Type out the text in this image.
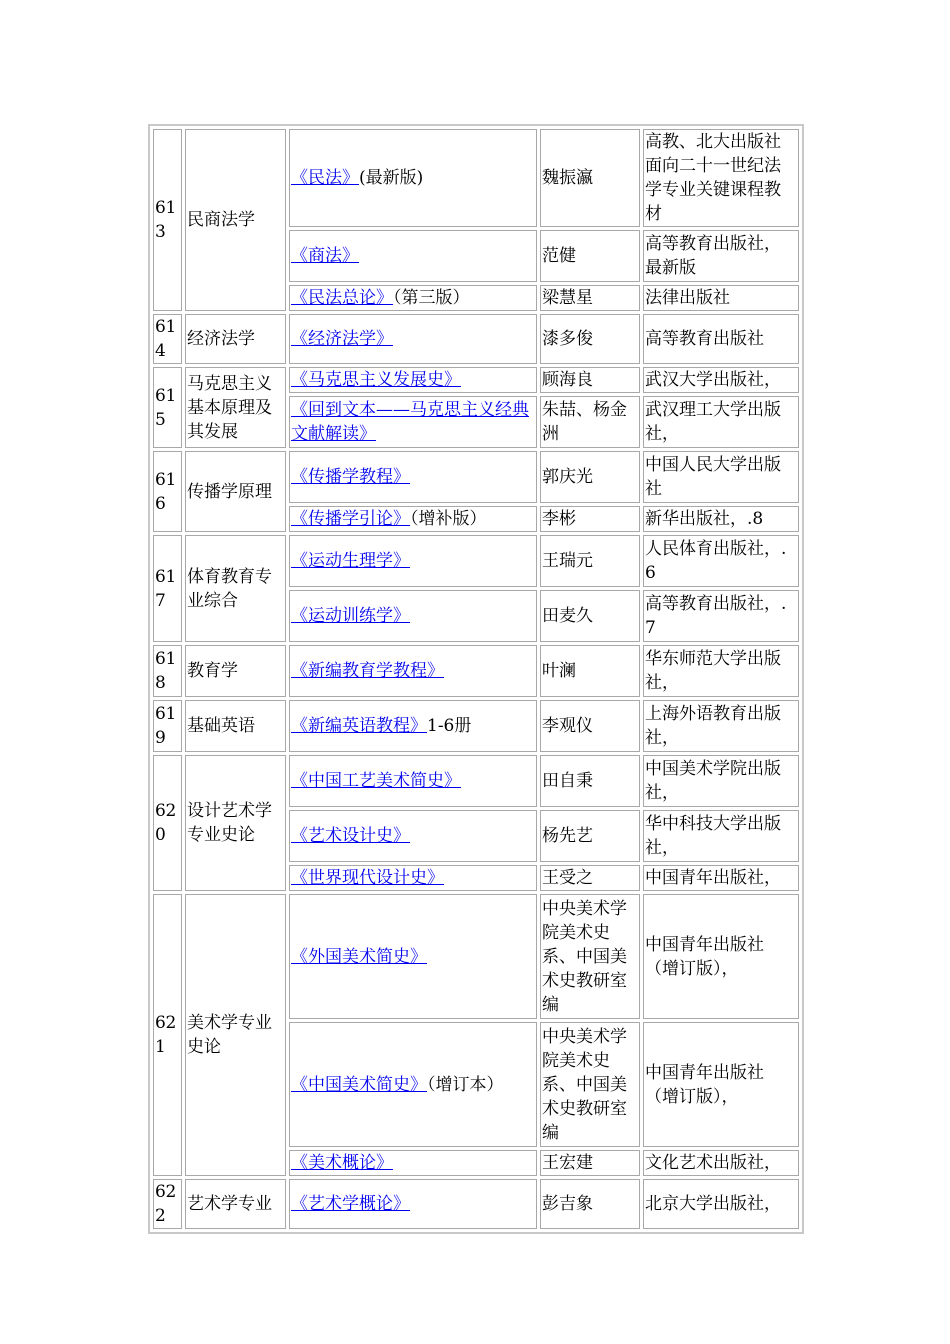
613	民商法学	《民法》(最新版)	魏振瀛	高教、北大出版社面向二十一世纪法学专业关键课程教材
		《商法》	范健	高等教育出版社，最新版
		《民法总论》（第三版）	梁慧星	法律出版社
614	经济法学	《经济法学》	漆多俊	高等教育出版社
615	马克思主义基本原理及其发展	《马克思主义发展史》	顾海良	武汉大学出版社，
		《回到文本——马克思主义经典文献解读》	朱喆、杨金洲	武汉理工大学出版社，
616	传播学原理	《传播学教程》	郭庆光	中国人民大学出版社
		《传播学引论》（增补版）	李彬	新华出版社，.8
617	体育教育专业综合	《运动生理学》	王瑞元	人民体育出版社，.6
		《运动训练学》	田麦久	高等教育出版社，.7
618	教育学	《新编教育学教程》	叶澜	华东师范大学出版社，
619	基础英语	《新编英语教程》1-6册	李观仪	上海外语教育出版社，
620	设计艺术学专业史论	《中国工艺美术简史》	田自秉	中国美术学院出版社，
		《艺术设计史》	杨先艺	华中科技大学出版社，
		《世界现代设计史》	王受之	中国青年出版社，
621	美术学专业史论	《外国美术简史》	中央美术学院美术史系、中国美术史教研室编	中国青年出版社（增订版），
		《中国美术简史》（增订本）	中央美术学院美术史系、中国美术史教研室编	中国青年出版社（增订版），
		《美术概论》	王宏建	文化艺术出版社，
622	艺术学专业	《艺术学概论》	彭吉象	北京大学出版社，
